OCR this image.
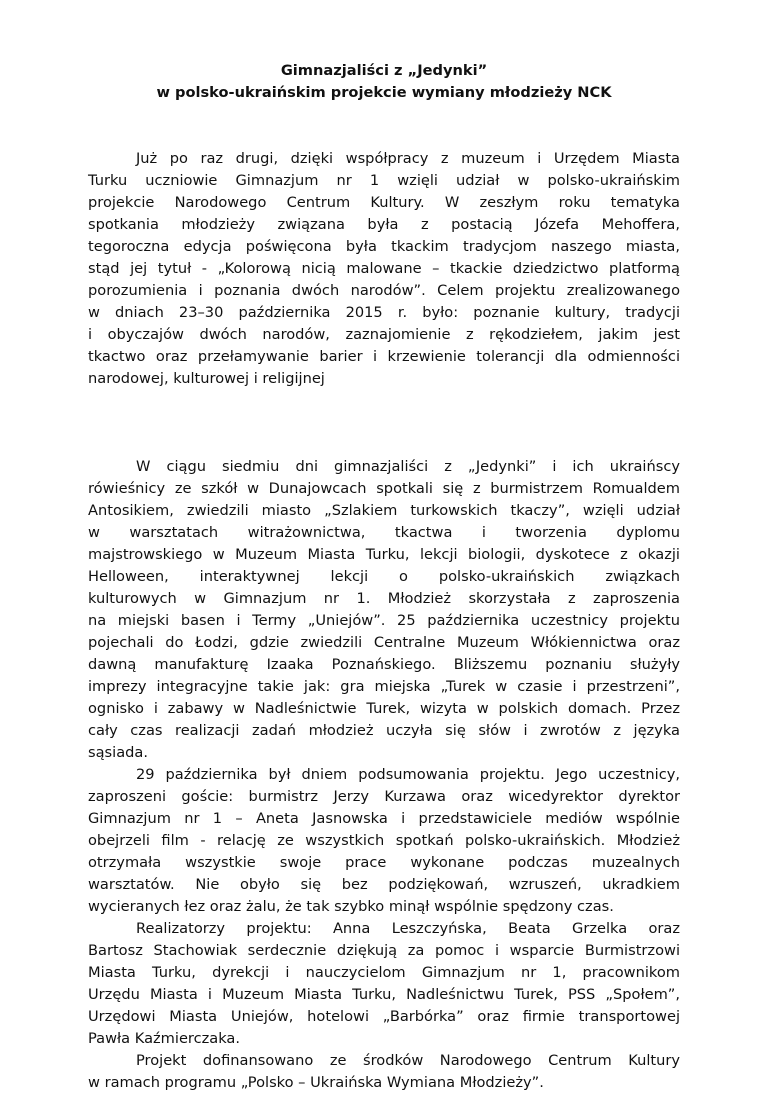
Gimnazjaliści z „Jedynki”
w polsko-ukraińskim projekcie wymiany młodzieży NCK
Już po raz drugi, dzięki współpracy z muzeum i Urzędem Miasta
Turku uczniowie Gimnazjum nr 1 wzięli udział w polsko-ukraińskim
projekcie Narodowego Centrum Kultury. W zeszłym roku tematyka
spotkania młodzieży związana była z postacią Józefa Mehoffera,
tegoroczna edycja poświęcona była tkackim tradycjom naszego miasta,
stąd jej tytuł - „Kolorową nicią malowane – tkackie dziedzictwo platformą
porozumienia i poznania dwóch narodów”. Celem projektu zrealizowanego
w dniach 23–30 października 2015 r. było: poznanie kultury, tradycji
i obyczajów dwóch narodów, zaznajomienie z rękodziełem, jakim jest
tkactwo oraz przełamywanie barier i krzewienie tolerancji dla odmienności
narodowej, kulturowej i religijnej
W ciągu siedmiu dni gimnazjaliści z „Jedynki” i ich ukraińscy
rówieśnicy ze szkół w Dunajowcach spotkali się z burmistrzem Romualdem
Antosikiem, zwiedzili miasto „Szlakiem turkowskich tkaczy”, wzięli udział
w warsztatach witrażownictwa, tkactwa i tworzenia dyplomu
majstrowskiego w Muzeum Miasta Turku, lekcji biologii, dyskotece z okazji
Helloween, interaktywnej lekcji o polsko-ukraińskich związkach
kulturowych w Gimnazjum nr 1. Młodzież skorzystała z zaproszenia
na miejski basen i Termy „Uniejów”. 25 października uczestnicy projektu
pojechali do Łodzi, gdzie zwiedzili Centralne Muzeum Włókiennictwa oraz
dawną manufakturę Izaaka Poznańskiego. Bliższemu poznaniu służyły
imprezy integracyjne takie jak: gra miejska „Turek w czasie i przestrzeni”,
ognisko i zabawy w Nadleśnictwie Turek, wizyta w polskich domach. Przez
cały czas realizacji zadań młodzież uczyła się słów i zwrotów z języka
sąsiada.
29 października był dniem podsumowania projektu. Jego uczestnicy,
zaproszeni goście: burmistrz Jerzy Kurzawa oraz wicedyrektor dyrektor
Gimnazjum nr 1 – Aneta Jasnowska i przedstawiciele mediów wspólnie
obejrzeli film - relację ze wszystkich spotkań polsko-ukraińskich. Młodzież
otrzymała wszystkie swoje prace wykonane podczas muzealnych
warsztatów. Nie obyło się bez podziękowań, wzruszeń, ukradkiem
wycieranych łez oraz żalu, że tak szybko minął wspólnie spędzony czas.
Realizatorzy projektu: Anna Leszczyńska, Beata Grzelka oraz
Bartosz Stachowiak serdecznie dziękują za pomoc i wsparcie Burmistrzowi
Miasta Turku, dyrekcji i nauczycielom Gimnazjum nr 1, pracownikom
Urzędu Miasta i Muzeum Miasta Turku, Nadleśnictwu Turek, PSS „Społem”,
Urzędowi Miasta Uniejów, hotelowi „Barbórka” oraz firmie transportowej
Pawła Kaźmierczaka.
Projekt dofinansowano ze środków Narodowego Centrum Kultury
w ramach programu „Polsko – Ukraińska Wymiana Młodzieży”.
